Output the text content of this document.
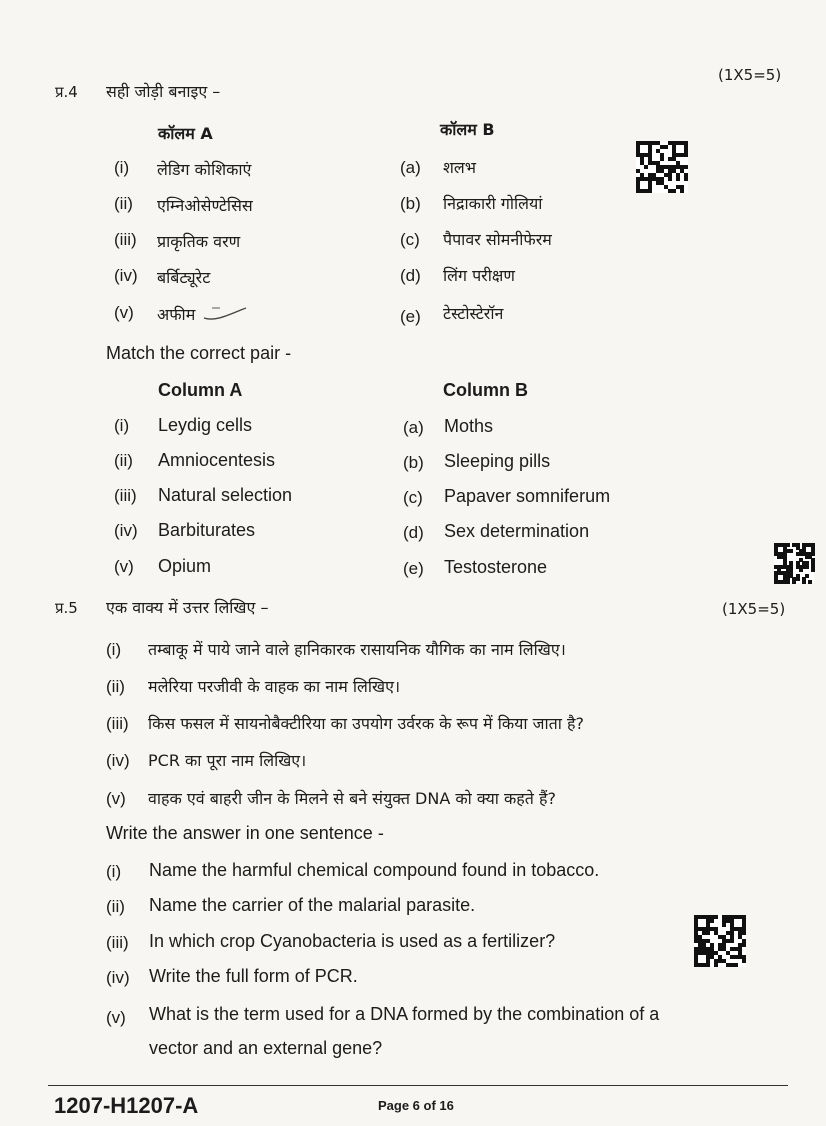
प्र.4 सही जोड़ी बनाइए –
(1X5=5)
कॉलम A	कॉलम B
(i) लेडिग कोशिकाएं	(a) शलभ
(ii) एम्निओसेण्टेसिस	(b) निद्राकारी गोलियां
(iii) प्राकृतिक वरण	(c) पैपावर सोमनीफेरम
(iv) बर्बिट्यूरेट	(d) लिंग परीक्षण
(v) अफीम	(e) टेस्टोस्टेरॉन
Match the correct pair -
Column A	Column B
(i) Leydig cells	(a) Moths
(ii) Amniocentesis	(b) Sleeping pills
(iii) Natural selection	(c) Papaver somniferum
(iv) Barbiturates	(d) Sex determination
(v) Opium	(e) Testosterone
प्र.5 एक वाक्य में उत्तर लिखिए –	(1X5=5)
(i) तम्बाकू में पाये जाने वाले हानिकारक रासायनिक यौगिक का नाम लिखिए।
(ii) मलेरिया परजीवी के वाहक का नाम लिखिए।
(iii) किस फसल में सायनोबैक्टीरिया का उपयोग उर्वरक के रूप में किया जाता है?
(iv) PCR का पूरा नाम लिखिए।
(v) वाहक एवं बाहरी जीन के मिलने से बने संयुक्त DNA को क्या कहते हैं?
Write the answer in one sentence -
(i) Name the harmful chemical compound found in tobacco.
(ii) Name the carrier of the malarial parasite.
(iii) In which crop Cyanobacteria is used as a fertilizer?
(iv) Write the full form of PCR.
(v) What is the term used for a DNA formed by the combination of a
vector and an external gene?
1207-H1207-A	Page 6 of 16
